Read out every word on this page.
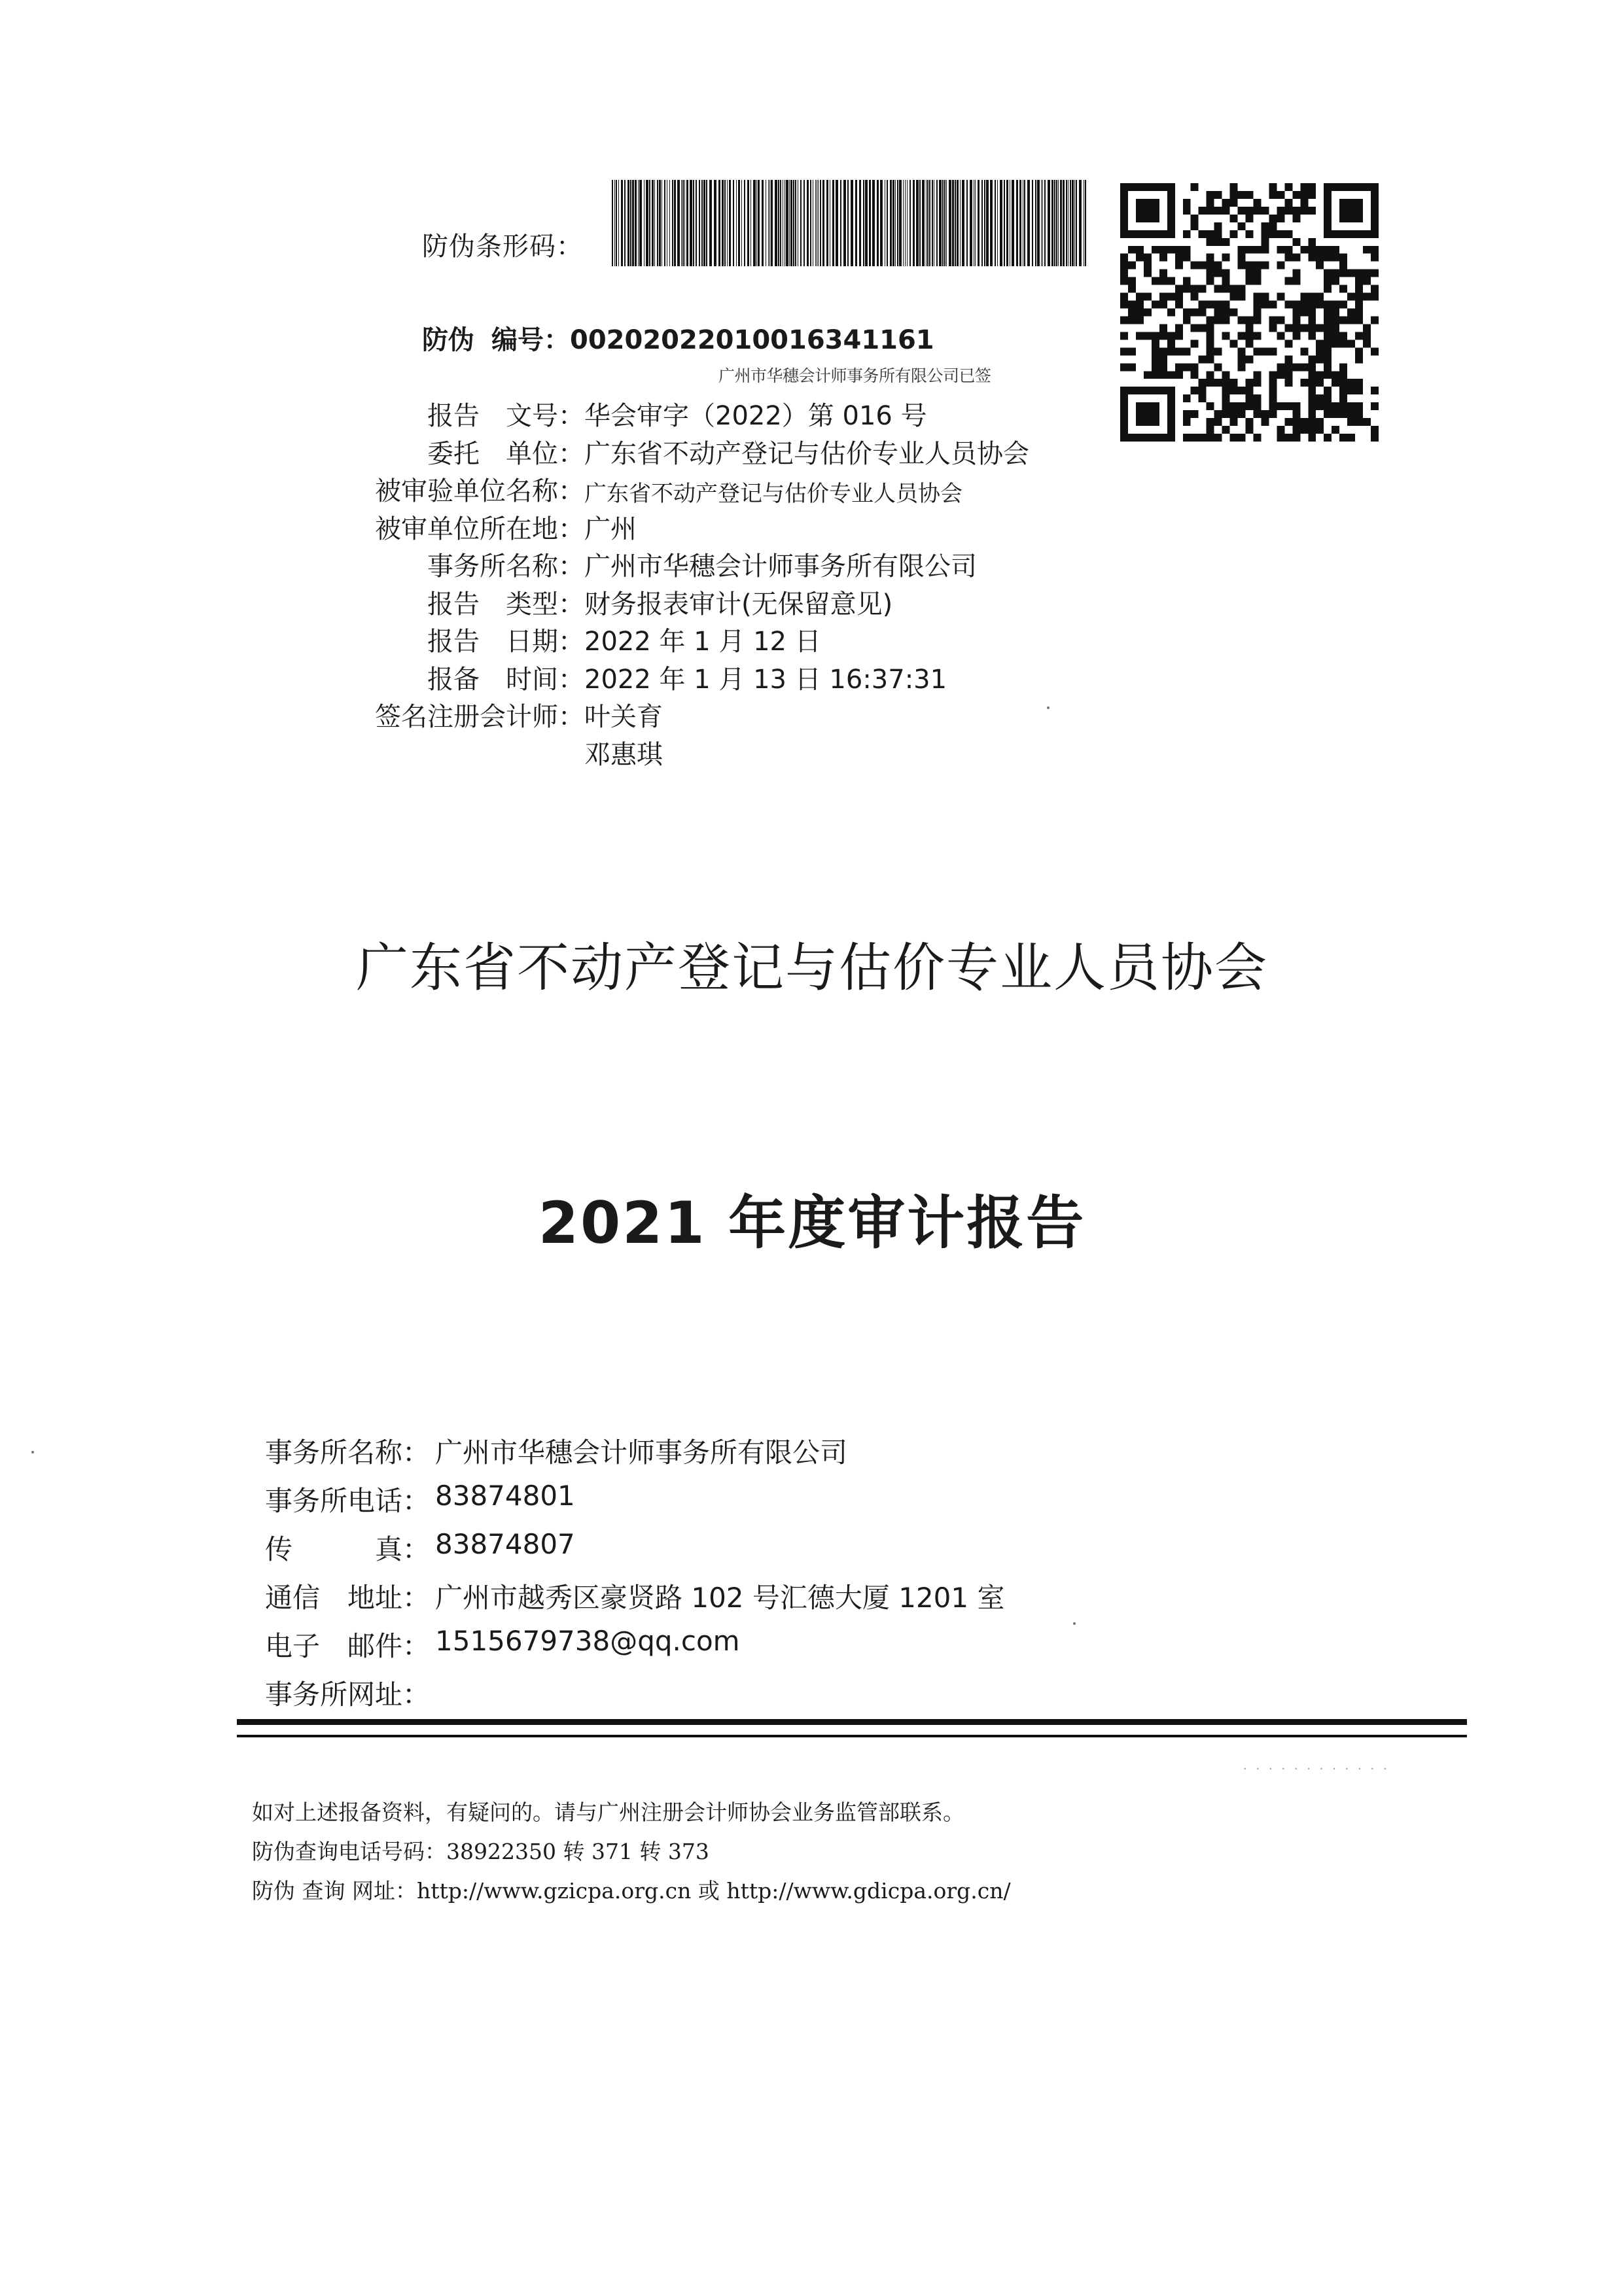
防伪条形码：
防伪 编号：00202022010016341161
广州市华穗会计师事务所有限公司已签
报告　文号： 华会审字（2022）第 016 号
委托　单位： 广东省不动产登记与估价专业人员协会
被审验单位名称： 广东省不动产登记与估价专业人员协会
被审单位所在地： 广州
事务所名称： 广州市华穗会计师事务所有限公司
报告　类型： 财务报表审计(无保留意见)
报告　日期： 2022 年 1 月 12 日
报备　时间： 2022 年 1 月 13 日 16:37:31
签名注册会计师： 叶关育
邓惠琪
广东省不动产登记与估价专业人员协会
2021 年度审计报告
事务所名称： 广州市华穗会计师事务所有限公司
事务所电话： 83874801
传　　　真： 83874807
通信　地址： 广州市越秀区豪贤路 102 号汇德大厦 1201 室
电子　邮件： 1515679738@qq.com
事务所网址：
· · · · · · · · · · · ·
如对上述报备资料，有疑问的。请与广州注册会计师协会业务监管部联系。
防伪查询电话号码：38922350 转 371 转 373
防伪 查询 网址：http://www.gzicpa.org.cn 或 http://www.gdicpa.org.cn/
